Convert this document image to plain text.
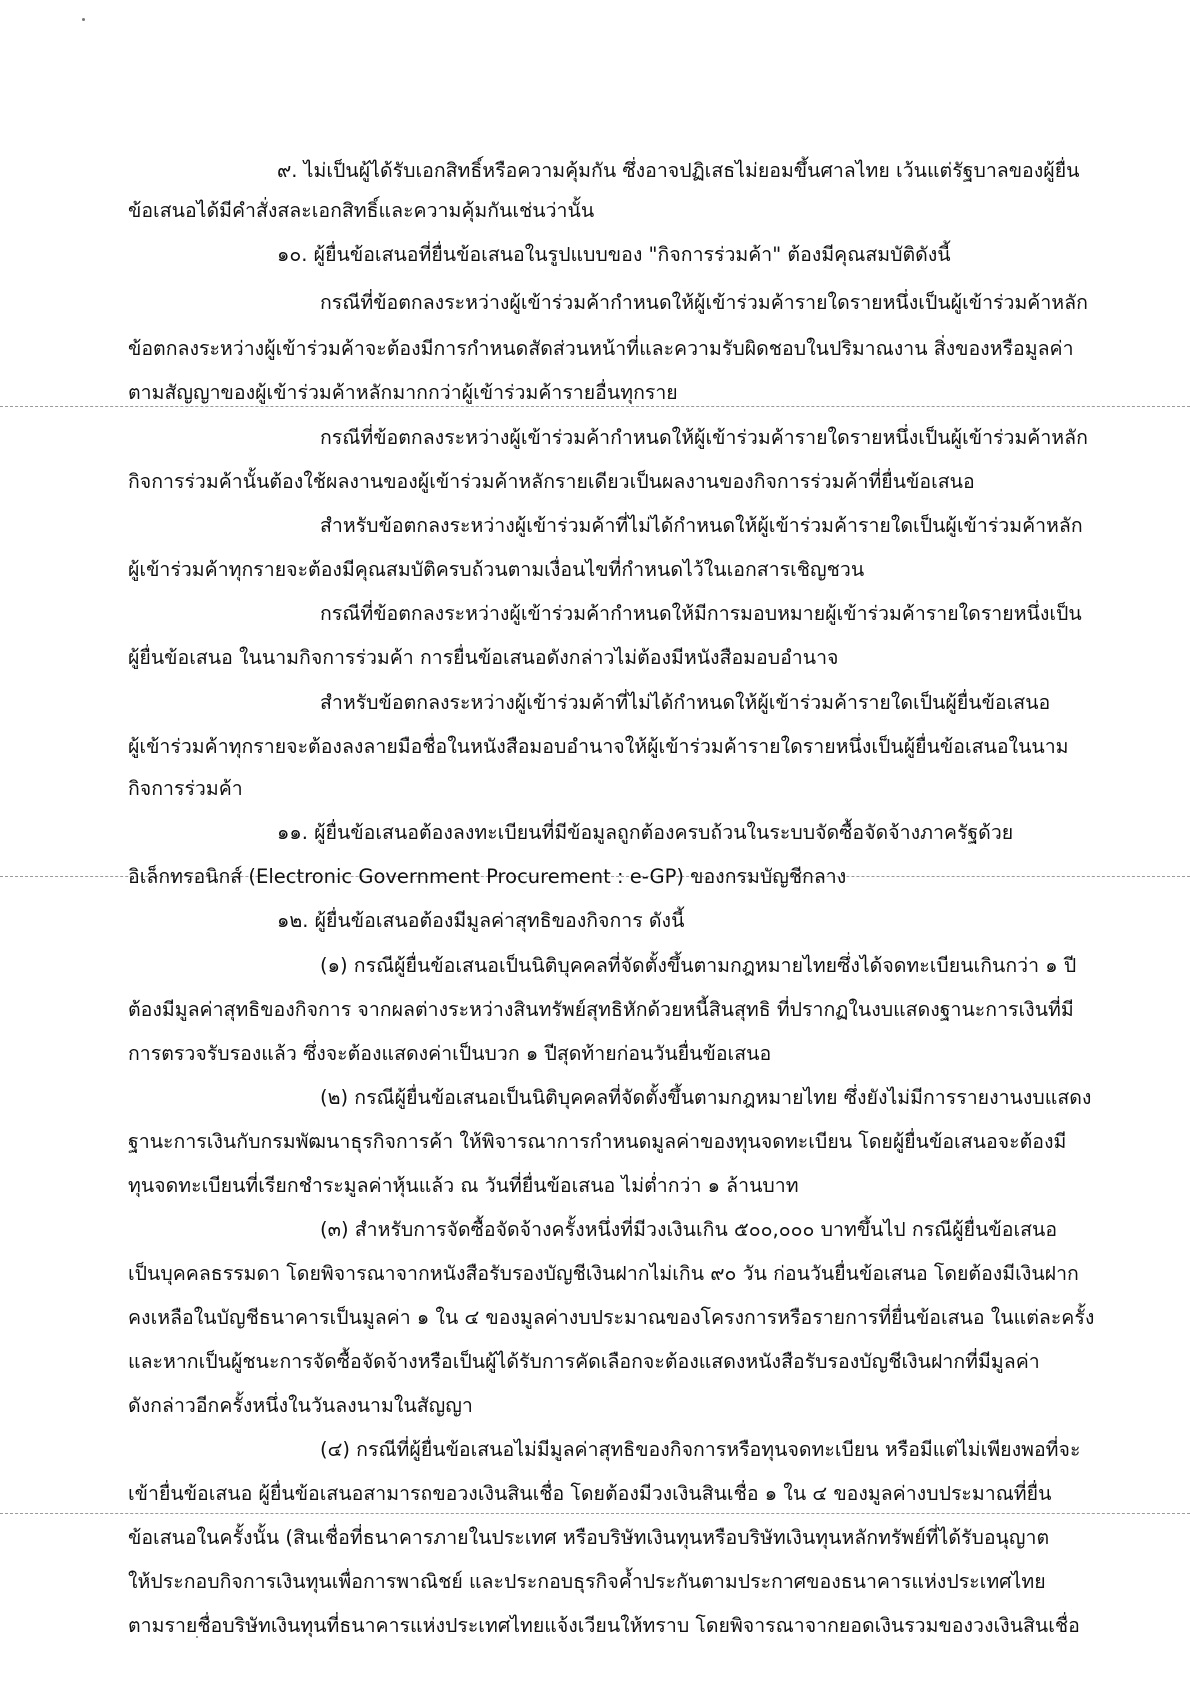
๙. ไม่เป็นผู้ได้รับเอกสิทธิ์หรือความคุ้มกัน ซึ่งอาจปฏิเสธไม่ยอมขึ้นศาลไทย เว้นแต่รัฐบาลของผู้ยื่น
ข้อเสนอได้มีคำสั่งสละเอกสิทธิ์และความคุ้มกันเช่นว่านั้น
๑๐. ผู้ยื่นข้อเสนอที่ยื่นข้อเสนอในรูปแบบของ "กิจการร่วมค้า" ต้องมีคุณสมบัติดังนี้
กรณีที่ข้อตกลงระหว่างผู้เข้าร่วมค้ากำหนดให้ผู้เข้าร่วมค้ารายใดรายหนึ่งเป็นผู้เข้าร่วมค้าหลัก
ข้อตกลงระหว่างผู้เข้าร่วมค้าจะต้องมีการกำหนดสัดส่วนหน้าที่และความรับผิดชอบในปริมาณงาน สิ่งของหรือมูลค่า
ตามสัญญาของผู้เข้าร่วมค้าหลักมากกว่าผู้เข้าร่วมค้ารายอื่นทุกราย
กรณีที่ข้อตกลงระหว่างผู้เข้าร่วมค้ากำหนดให้ผู้เข้าร่วมค้ารายใดรายหนึ่งเป็นผู้เข้าร่วมค้าหลัก
กิจการร่วมค้านั้นต้องใช้ผลงานของผู้เข้าร่วมค้าหลักรายเดียวเป็นผลงานของกิจการร่วมค้าที่ยื่นข้อเสนอ
สำหรับข้อตกลงระหว่างผู้เข้าร่วมค้าที่ไม่ได้กำหนดให้ผู้เข้าร่วมค้ารายใดเป็นผู้เข้าร่วมค้าหลัก
ผู้เข้าร่วมค้าทุกรายจะต้องมีคุณสมบัติครบถ้วนตามเงื่อนไขที่กำหนดไว้ในเอกสารเชิญชวน
กรณีที่ข้อตกลงระหว่างผู้เข้าร่วมค้ากำหนดให้มีการมอบหมายผู้เข้าร่วมค้ารายใดรายหนึ่งเป็น
ผู้ยื่นข้อเสนอ ในนามกิจการร่วมค้า การยื่นข้อเสนอดังกล่าวไม่ต้องมีหนังสือมอบอำนาจ
สำหรับข้อตกลงระหว่างผู้เข้าร่วมค้าที่ไม่ได้กำหนดให้ผู้เข้าร่วมค้ารายใดเป็นผู้ยื่นข้อเสนอ
ผู้เข้าร่วมค้าทุกรายจะต้องลงลายมือชื่อในหนังสือมอบอำนาจให้ผู้เข้าร่วมค้ารายใดรายหนึ่งเป็นผู้ยื่นข้อเสนอในนาม
กิจการร่วมค้า
๑๑. ผู้ยื่นข้อเสนอต้องลงทะเบียนที่มีข้อมูลถูกต้องครบถ้วนในระบบจัดซื้อจัดจ้างภาครัฐด้วย
อิเล็กทรอนิกส์ (Electronic Government Procurement : e-GP) ของกรมบัญชีกลาง
๑๒. ผู้ยื่นข้อเสนอต้องมีมูลค่าสุทธิของกิจการ ดังนี้
(๑) กรณีผู้ยื่นข้อเสนอเป็นนิติบุคคลที่จัดตั้งขึ้นตามกฎหมายไทยซึ่งได้จดทะเบียนเกินกว่า ๑ ปี
ต้องมีมูลค่าสุทธิของกิจการ จากผลต่างระหว่างสินทรัพย์สุทธิหักด้วยหนี้สินสุทธิ ที่ปรากฏในงบแสดงฐานะการเงินที่มี
การตรวจรับรองแล้ว ซึ่งจะต้องแสดงค่าเป็นบวก ๑ ปีสุดท้ายก่อนวันยื่นข้อเสนอ
(๒) กรณีผู้ยื่นข้อเสนอเป็นนิติบุคคลที่จัดตั้งขึ้นตามกฎหมายไทย ซึ่งยังไม่มีการรายงานงบแสดง
ฐานะการเงินกับกรมพัฒนาธุรกิจการค้า ให้พิจารณาการกำหนดมูลค่าของทุนจดทะเบียน โดยผู้ยื่นข้อเสนอจะต้องมี
ทุนจดทะเบียนที่เรียกชำระมูลค่าหุ้นแล้ว ณ วันที่ยื่นข้อเสนอ ไม่ต่ำกว่า ๑ ล้านบาท
(๓) สำหรับการจัดซื้อจัดจ้างครั้งหนึ่งที่มีวงเงินเกิน ๕๐๐,๐๐๐ บาทขึ้นไป กรณีผู้ยื่นข้อเสนอ
เป็นบุคคลธรรมดา โดยพิจารณาจากหนังสือรับรองบัญชีเงินฝากไม่เกิน ๙๐ วัน ก่อนวันยื่นข้อเสนอ โดยต้องมีเงินฝาก
คงเหลือในบัญชีธนาคารเป็นมูลค่า ๑ ใน ๔ ของมูลค่างบประมาณของโครงการหรือรายการที่ยื่นข้อเสนอ ในแต่ละครั้ง
และหากเป็นผู้ชนะการจัดซื้อจัดจ้างหรือเป็นผู้ได้รับการคัดเลือกจะต้องแสดงหนังสือรับรองบัญชีเงินฝากที่มีมูลค่า
ดังกล่าวอีกครั้งหนึ่งในวันลงนามในสัญญา
(๔) กรณีที่ผู้ยื่นข้อเสนอไม่มีมูลค่าสุทธิของกิจการหรือทุนจดทะเบียน หรือมีแต่ไม่เพียงพอที่จะ
เข้ายื่นข้อเสนอ ผู้ยื่นข้อเสนอสามารถขอวงเงินสินเชื่อ โดยต้องมีวงเงินสินเชื่อ ๑ ใน ๔ ของมูลค่างบประมาณที่ยื่น
ข้อเสนอในครั้งนั้น (สินเชื่อที่ธนาคารภายในประเทศ หรือบริษัทเงินทุนหรือบริษัทเงินทุนหลักทรัพย์ที่ได้รับอนุญาต
ให้ประกอบกิจการเงินทุนเพื่อการพาณิชย์ และประกอบธุรกิจค้ำประกันตามประกาศของธนาคารแห่งประเทศไทย
ตามรายชื่อบริษัทเงินทุนที่ธนาคารแห่งประเทศไทยแจ้งเวียนให้ทราบ โดยพิจารณาจากยอดเงินรวมของวงเงินสินเชื่อ
